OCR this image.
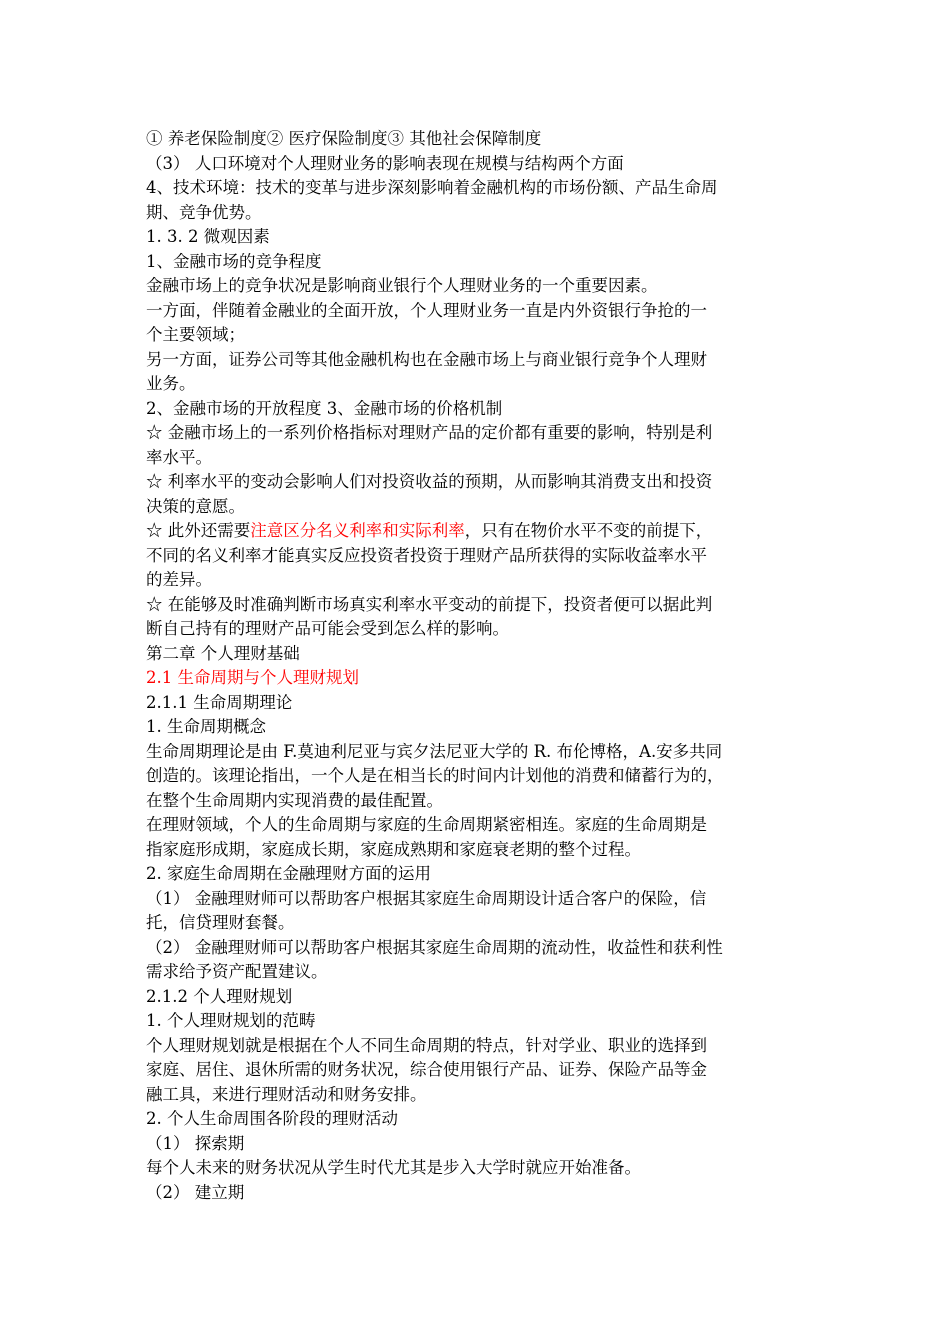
① 养老保险制度② 医疗保险制度③ 其他社会保障制度
（3） 人口环境对个人理财业务的影响表现在规模与结构两个方面
4、技术环境：技术的变革与进步深刻影响着金融机构的市场份额、产品生命周
期、竞争优势。
1. 3. 2 微观因素
1、金融市场的竞争程度
金融市场上的竞争状况是影响商业银行个人理财业务的一个重要因素。
一方面，伴随着金融业的全面开放，个人理财业务一直是内外资银行争抢的一
个主要领域；
另一方面，证券公司等其他金融机构也在金融市场上与商业银行竞争个人理财
业务。
2、金融市场的开放程度 3、金融市场的价格机制
☆ 金融市场上的一系列价格指标对理财产品的定价都有重要的影响，特别是利
率水平。
☆ 利率水平的变动会影响人们对投资收益的预期，从而影响其消费支出和投资
决策的意愿。
☆ 此外还需要注意区分名义利率和实际利率，只有在物价水平不变的前提下，
不同的名义利率才能真实反应投资者投资于理财产品所获得的实际收益率水平
的差异。
☆ 在能够及时准确判断市场真实利率水平变动的前提下，投资者便可以据此判
断自己持有的理财产品可能会受到怎么样的影响。
第二章 个人理财基础
2.1 生命周期与个人理财规划
2.1.1 生命周期理论
1. 生命周期概念
生命周期理论是由 F.莫迪利尼亚与宾夕法尼亚大学的 R. 布伦博格，A.安多共同
创造的。该理论指出，一个人是在相当长的时间内计划他的消费和储蓄行为的，
在整个生命周期内实现消费的最佳配置。
在理财领域，个人的生命周期与家庭的生命周期紧密相连。家庭的生命周期是
指家庭形成期，家庭成长期，家庭成熟期和家庭衰老期的整个过程。
2. 家庭生命周期在金融理财方面的运用
（1） 金融理财师可以帮助客户根据其家庭生命周期设计适合客户的保险，信
托，信贷理财套餐。
（2） 金融理财师可以帮助客户根据其家庭生命周期的流动性，收益性和获利性
需求给予资产配置建议。
2.1.2 个人理财规划
1. 个人理财规划的范畴
个人理财规划就是根据在个人不同生命周期的特点，针对学业、职业的选择到
家庭、居住、退休所需的财务状况，综合使用银行产品、证券、保险产品等金
融工具，来进行理财活动和财务安排。
2. 个人生命周围各阶段的理财活动
（1） 探索期
每个人未来的财务状况从学生时代尤其是步入大学时就应开始准备。
（2） 建立期
